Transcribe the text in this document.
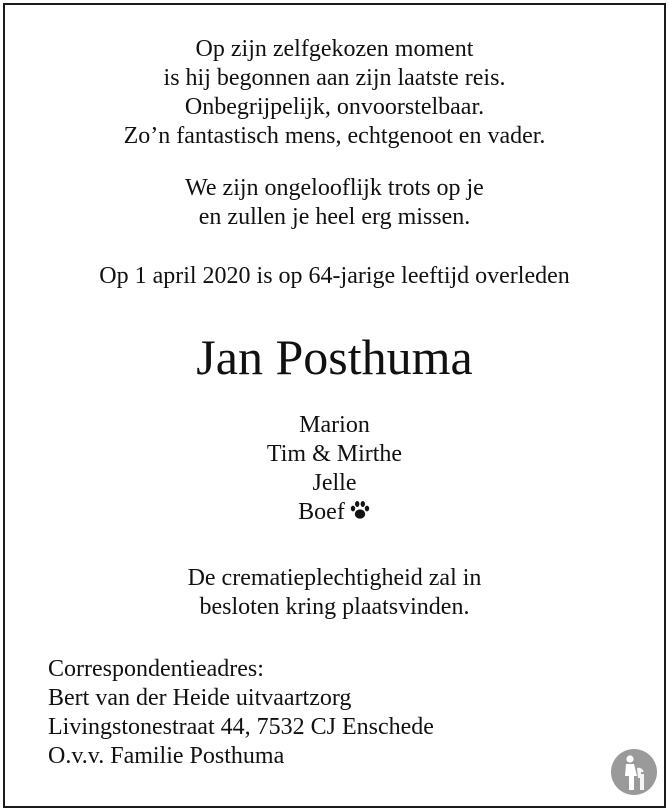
Op zijn zelfgekozen moment
is hij begonnen aan zijn laatste reis.
Onbegrijpelijk, onvoorstelbaar.
Zo’n fantastisch mens, echtgenoot en vader.
We zijn ongelooflijk trots op je
en zullen je heel erg missen.
Op 1 april 2020 is op 64-jarige leeftijd overleden
Jan Posthuma
Marion
Tim & Mirthe
Jelle
Boef
De crematieplechtigheid zal in
besloten kring plaatsvinden.
Correspondentieadres:
Bert van der Heide uitvaartzorg
Livingstonestraat 44, 7532 CJ Enschede
O.v.v. Familie Posthuma
